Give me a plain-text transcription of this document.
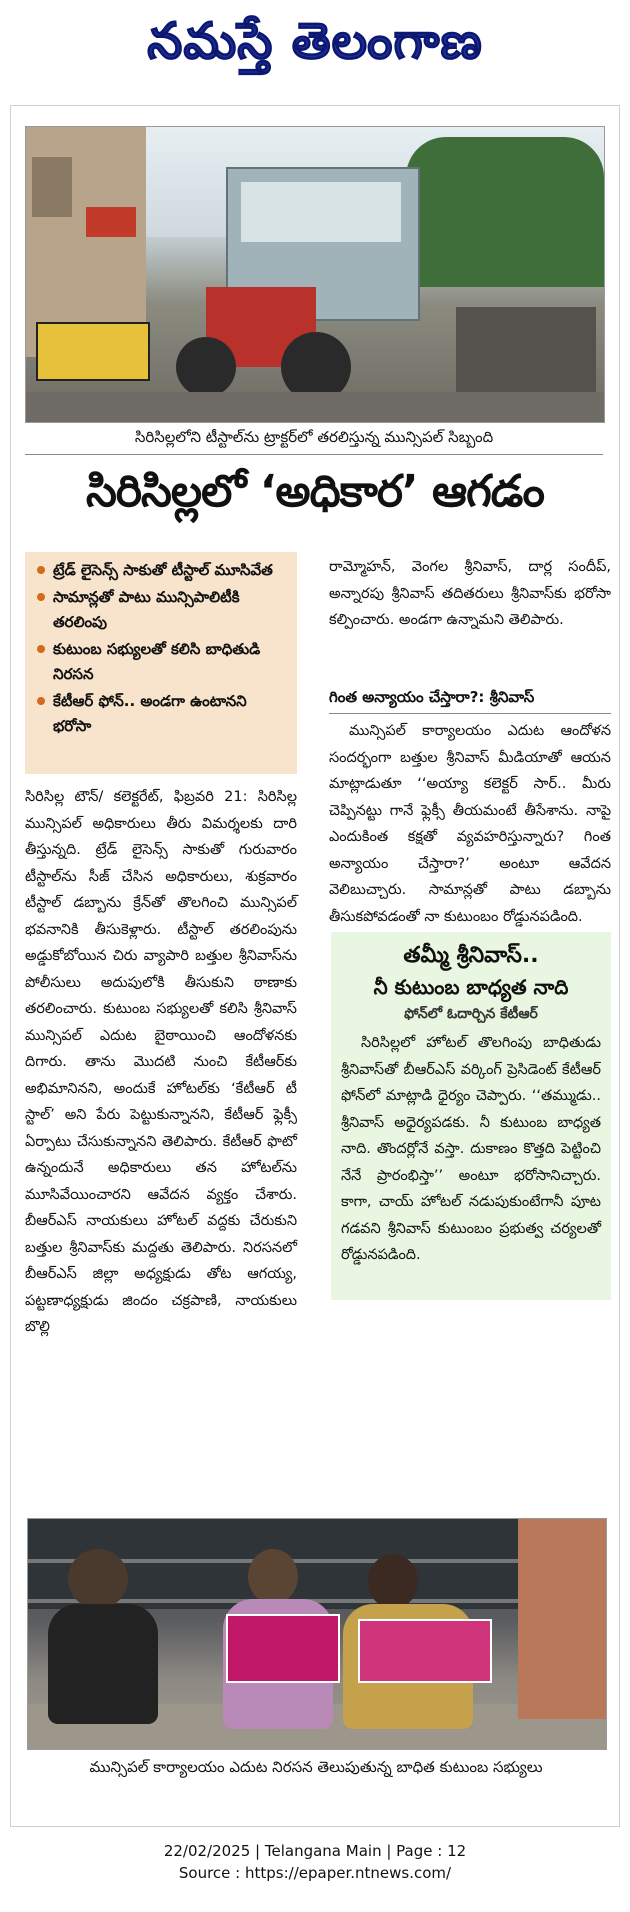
నమస్తే తెలంగాణ
సిరిసిల్లలోని టీస్టాల్‌ను ట్రాక్టర్‌లో తరలిస్తున్న మున్సిపల్ సిబ్బంది
సిరిసిల్లలో ‘అధికార’ ఆగడం
ట్రేడ్ లైసెన్స్ సాకుతో టీస్టాల్ మూసివేత
సామాన్లతో పాటు మున్సిపాలిటీకి తరలింపు
కుటుంబ సభ్యులతో కలిసి బాధితుడి నిరసన
కేటీఆర్ ఫోన్.. అండగా ఉంటానని భరోసా
సిరిసిల్ల టౌన్/ కలెక్టరేట్, ఫిబ్రవరి 21: సిరిసిల్ల మున్సిపల్ అధికారులు తీరు విమర్శలకు దారి తీస్తున్నది. ట్రేడ్ లైసెన్స్ సాకుతో గురువారం టీస్టాల్‌ను సీజ్ చేసిన అధికారులు, శుక్రవారం టీస్టాల్ డబ్బాను క్రేన్‌తో తొలగించి మున్సిపల్ భవనానికి తీసుకెళ్లారు. టీస్టాల్ తరలింపును అడ్డుకోబోయిన చిరు వ్యాపారి బత్తుల శ్రీనివాస్‌ను పోలీసులు అదుపులోకి తీసుకుని ఠాణాకు తరలించారు. కుటుంబ సభ్యులతో కలిసి శ్రీనివాస్ మున్సిపల్ ఎదుట బైఠాయించి ఆందోళనకు దిగారు. తాను మొదటి నుంచి కేటీఆర్‌కు అభిమానినని, అందుకే హోటల్‌కు ‘కేటీఆర్ టీ స్టాల్’ అని పేరు పెట్టుకున్నానని, కేటీఆర్ ఫ్లెక్సీ ఏర్పాటు చేసుకున్నానని తెలిపారు. కేటీఆర్ ఫొటో ఉన్నందునే అధికారులు తన హోటల్‌ను మూసివేయించారని ఆవేదన వ్యక్తం చేశారు. బీఆర్ఎస్ నాయకులు హోటల్ వద్దకు చేరుకుని బత్తుల శ్రీనివాస్‌కు మద్దతు తెలిపారు. నిరసనలో బీఆర్ఎస్ జిల్లా అధ్యక్షుడు తోట ఆగయ్య, పట్టణాధ్యక్షుడు జిందం చక్రపాణి, నాయకులు బొల్లి
రామ్మోహన్, వెంగల శ్రీనివాస్, దార్ల సందీప్, అన్నారపు శ్రీనివాస్ తదితరులు శ్రీనివాస్‌కు భరోసా కల్పించారు. అండగా ఉన్నామని తెలిపారు.
గింత అన్యాయం చేస్తారా?: శ్రీనివాస్
మున్సిపల్ కార్యాలయం ఎదుట ఆందోళన సందర్భంగా బత్తుల శ్రీనివాస్ మీడియాతో ఆయన మాట్లాడుతూ ‘‘అయ్యా కలెక్టర్ సార్.. మీరు చెప్పినట్టు గానే ఫ్లెక్సీ తీయమంటే తీసేశాను. నాపై ఎందుకింత కక్షతో వ్యవహరిస్తున్నారు? గింత అన్యాయం చేస్తారా?’ అంటూ ఆవేదన వెలిబుచ్చారు. సామాన్లతో పాటు డబ్బాను తీసుకపోవడంతో నా కుటుంబం రోడ్డునపడింది.
తమ్మీ శ్రీనివాస్..
నీ కుటుంబ బాధ్యత నాది
ఫోన్‌లో ఓదార్చిన కేటీఆర్
సిరిసిల్లలో హోటల్ తొలగింపు బాధితుడు శ్రీనివాస్‌తో బీఆర్ఎస్ వర్కింగ్ ప్రెసిడెంట్ కేటీఆర్ ఫోన్‌లో మాట్లాడి ధైర్యం చెప్పారు. ‘‘తమ్ముడు.. శ్రీనివాస్ అధైర్యపడకు. నీ కుటుంబ బాధ్యత నాది. తొందర్లోనే వస్తా. దుకాణం కొత్తది పెట్టించి నేనే ప్రారంభిస్తా’’ అంటూ భరోసానిచ్చారు. కాగా, చాయ్ హోటల్ నడుపుకుంటేగానీ పూట గడవని శ్రీనివాస్ కుటుంబం ప్రభుత్వ చర్యలతో రోడ్డునపడింది.
మున్సిపల్ కార్యాలయం ఎదుట నిరసన తెలుపుతున్న బాధిత కుటుంబ సభ్యులు
22/02/2025 | Telangana Main | Page : 12
Source : https://epaper.ntnews.com/
